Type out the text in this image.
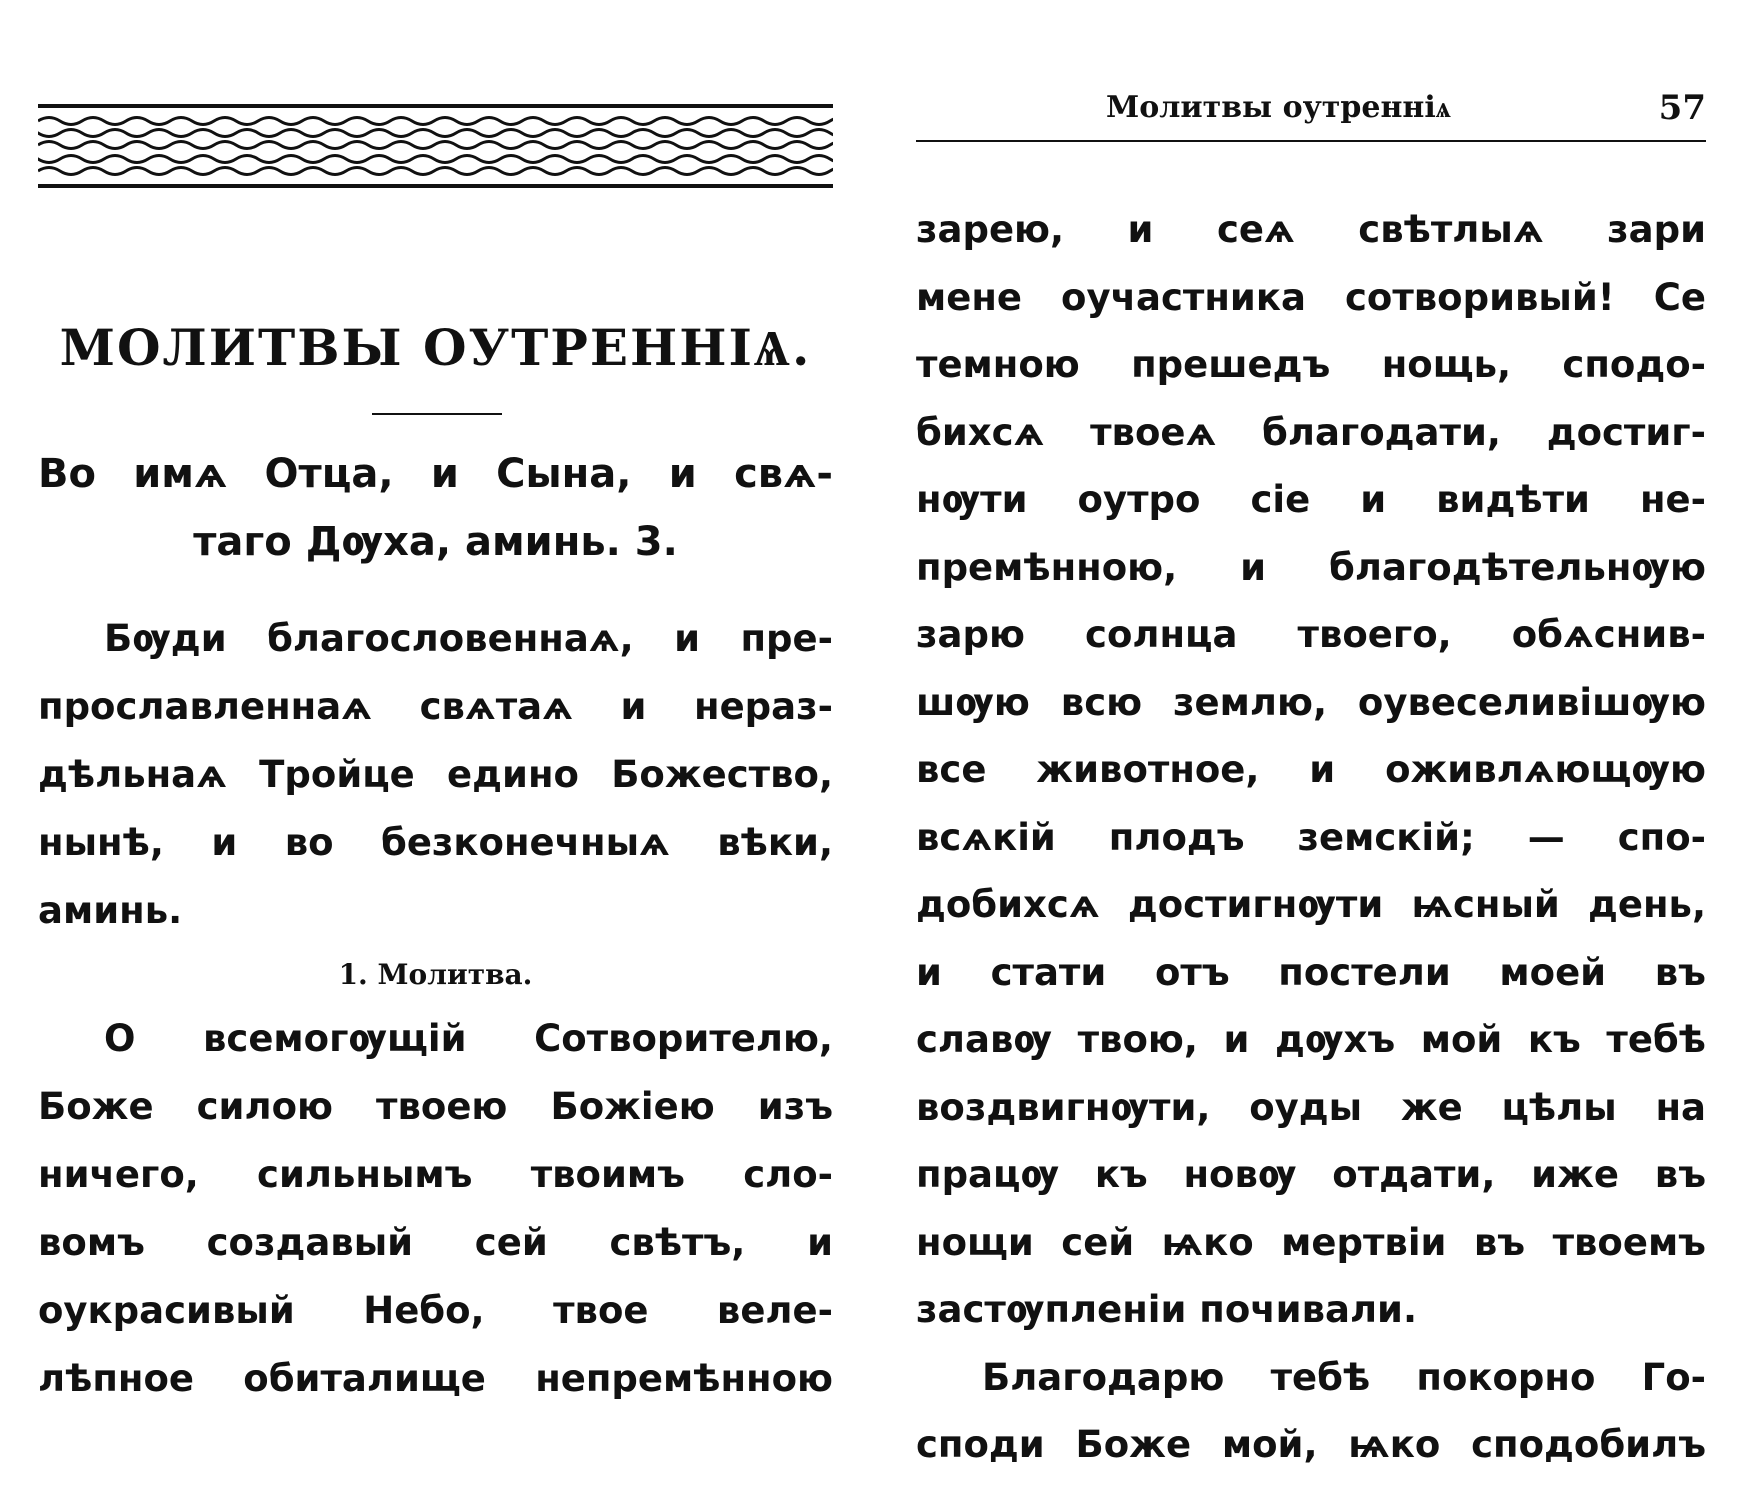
МОЛИТВЫ ОУТРЕННІѦ.
Во имѧ Отца, и Сына, и свѧ-
таго Дѹха, аминь. 3.
Бѹди благословеннаѧ, и пре-
прославленнаѧ свѧтаѧ и нераз-
дѣльнаѧ Тройце едино Божество,
нынѣ, и во безконечныѧ вѣки,
аминь.
1. Молитва.
О всемогѹщій Сотворителю,
Боже силою твоею Божіею изъ
ничего, сильнымъ твоимъ сло-
вомъ создавый сей свѣтъ, и
оукрасивый Небо, твое веле-
лѣпное обиталище непремѣнною
Молитвы оутренніѧ	57
зарею, и сеѧ свѣтлыѧ зари
мене оучастника сотворивый! Се
темною прешедъ нощь, сподо-
бихсѧ твоеѧ благодати, достиг-
нѹти оутро сіе и видѣти не-
премѣнною, и благодѣтельнѹю
зарю солнца твоего, обѧснив-
шѹю всю землю, оувеселивішѹю
все животное, и оживлѧющѹю
всѧкій плодъ земскій; — спо-
добихсѧ достигнѹти ѩсный день,
и стати отъ постели моей въ
славѹ твою, и дѹхъ мой къ тебѣ
воздвигнѹти, оуды же цѣлы на
працѹ къ новѹ отдати, иже въ
нощи сей ѩко мертвіи въ твоемъ
застѹпленіи почивали.
Благодарю тебѣ покорно Го-
споди Боже мой, ѩко сподобилъ
